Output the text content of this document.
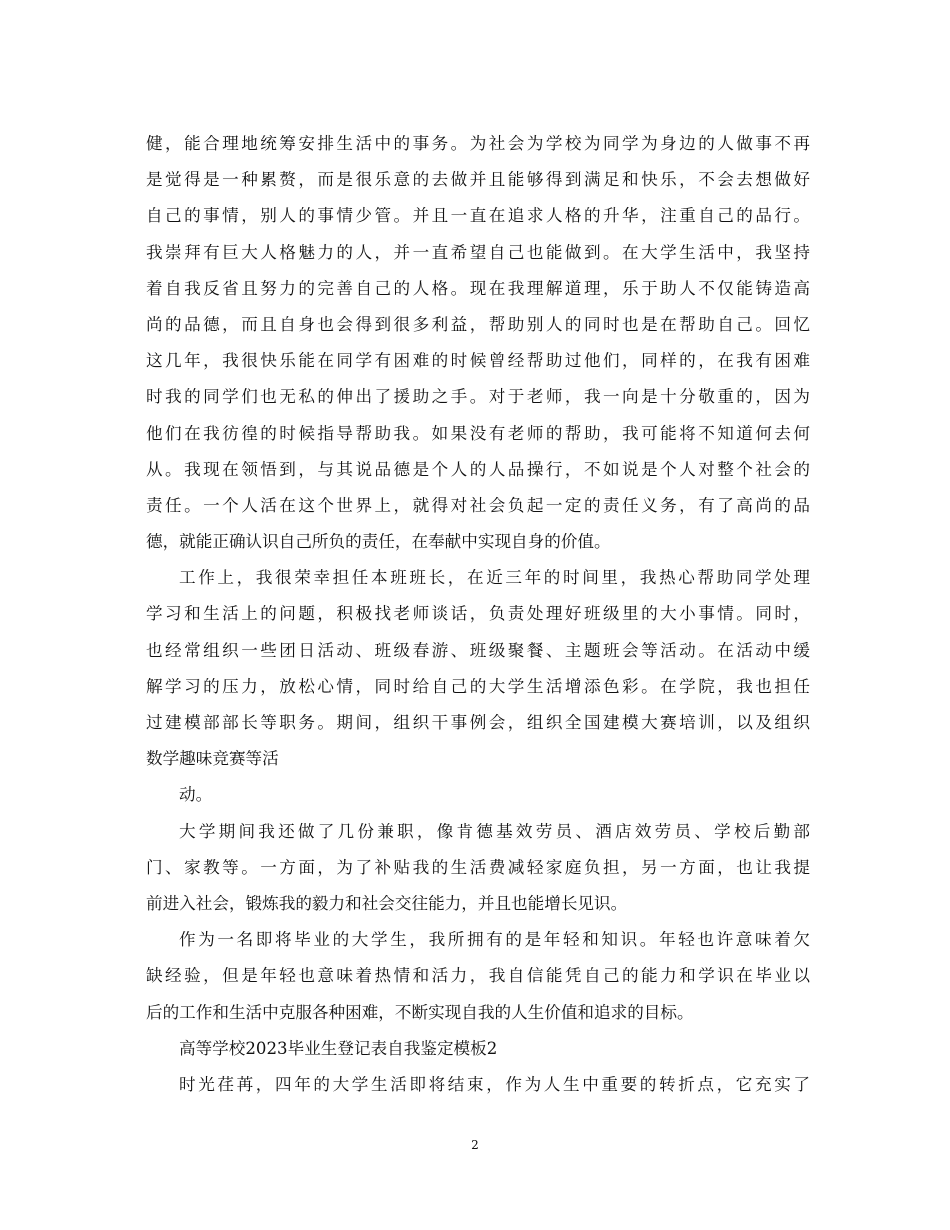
健，能合理地统筹安排生活中的事务。为社会为学校为同学为身边的人做事不再
是觉得是一种累赘，而是很乐意的去做并且能够得到满足和快乐，不会去想做好
自己的事情，别人的事情少管。并且一直在追求人格的升华，注重自己的品行。
我崇拜有巨大人格魅力的人，并一直希望自己也能做到。在大学生活中，我坚持
着自我反省且努力的完善自己的人格。现在我理解道理，乐于助人不仅能铸造高
尚的品德，而且自身也会得到很多利益，帮助别人的同时也是在帮助自己。回忆
这几年，我很快乐能在同学有困难的时候曾经帮助过他们，同样的，在我有困难
时我的同学们也无私的伸出了援助之手。对于老师，我一向是十分敬重的，因为
他们在我彷徨的时候指导帮助我。如果没有老师的帮助，我可能将不知道何去何
从。我现在领悟到，与其说品德是个人的人品操行，不如说是个人对整个社会的
责任。一个人活在这个世界上，就得对社会负起一定的责任义务，有了高尚的品
德，就能正确认识自己所负的责任，在奉献中实现自身的价值。
工作上，我很荣幸担任本班班长，在近三年的时间里，我热心帮助同学处理
学习和生活上的问题，积极找老师谈话，负责处理好班级里的大小事情。同时，
也经常组织一些团日活动、班级春游、班级聚餐、主题班会等活动。在活动中缓
解学习的压力，放松心情，同时给自己的大学生活增添色彩。在学院，我也担任
过建模部部长等职务。期间，组织干事例会，组织全国建模大赛培训，以及组织
数学趣味竞赛等活
动。
大学期间我还做了几份兼职，像肯德基效劳员、酒店效劳员、学校后勤部
门、家教等。一方面，为了补贴我的生活费减轻家庭负担，另一方面，也让我提
前进入社会，锻炼我的毅力和社会交往能力，并且也能增长见识。
作为一名即将毕业的大学生，我所拥有的是年轻和知识。年轻也许意味着欠
缺经验，但是年轻也意味着热情和活力，我自信能凭自己的能力和学识在毕业以
后的工作和生活中克服各种困难，不断实现自我的人生价值和追求的目标。
高等学校2023毕业生登记表自我鉴定模板2
时光荏苒，四年的大学生活即将结束，作为人生中重要的转折点，它充实了
2
